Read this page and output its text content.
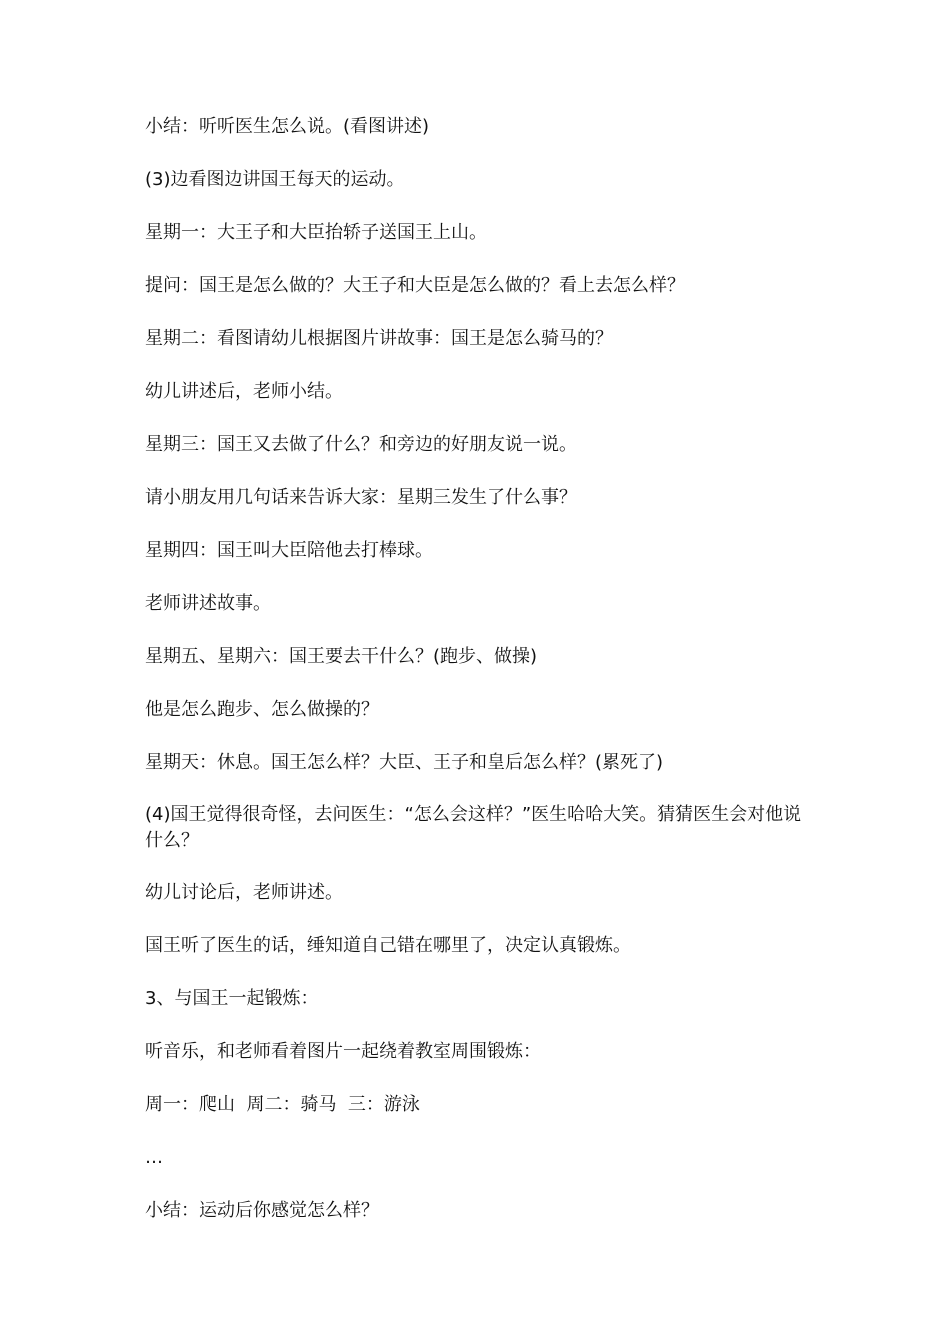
小结：听听医生怎么说。(看图讲述)

(3)边看图边讲国王每天的运动。

星期一：大王子和大臣抬轿子送国王上山。

提问：国王是怎么做的？大王子和大臣是怎么做的？看上去怎么样？

星期二：看图请幼儿根据图片讲故事：国王是怎么骑马的？

幼儿讲述后，老师小结。

星期三：国王又去做了什么？和旁边的好朋友说一说。

请小朋友用几句话来告诉大家：星期三发生了什么事？

星期四：国王叫大臣陪他去打棒球。

老师讲述故事。

星期五、星期六：国王要去干什么？(跑步、做操)

他是怎么跑步、怎么做操的？

星期天：休息。国王怎么样？大臣、王子和皇后怎么样？(累死了)

(4)国王觉得很奇怪，去问医生：“怎么会这样？”医生哈哈大笑。猜猜医生会对他说什么？

幼儿讨论后，老师讲述。

国王听了医生的话，缍知道自己错在哪里了，决定认真锻炼。

3、与国王一起锻炼：

听音乐，和老师看着图片一起绕着教室周围锻炼：

周一：爬山  周二：骑马  三：游泳

…

小结：运动后你感觉怎么样？
